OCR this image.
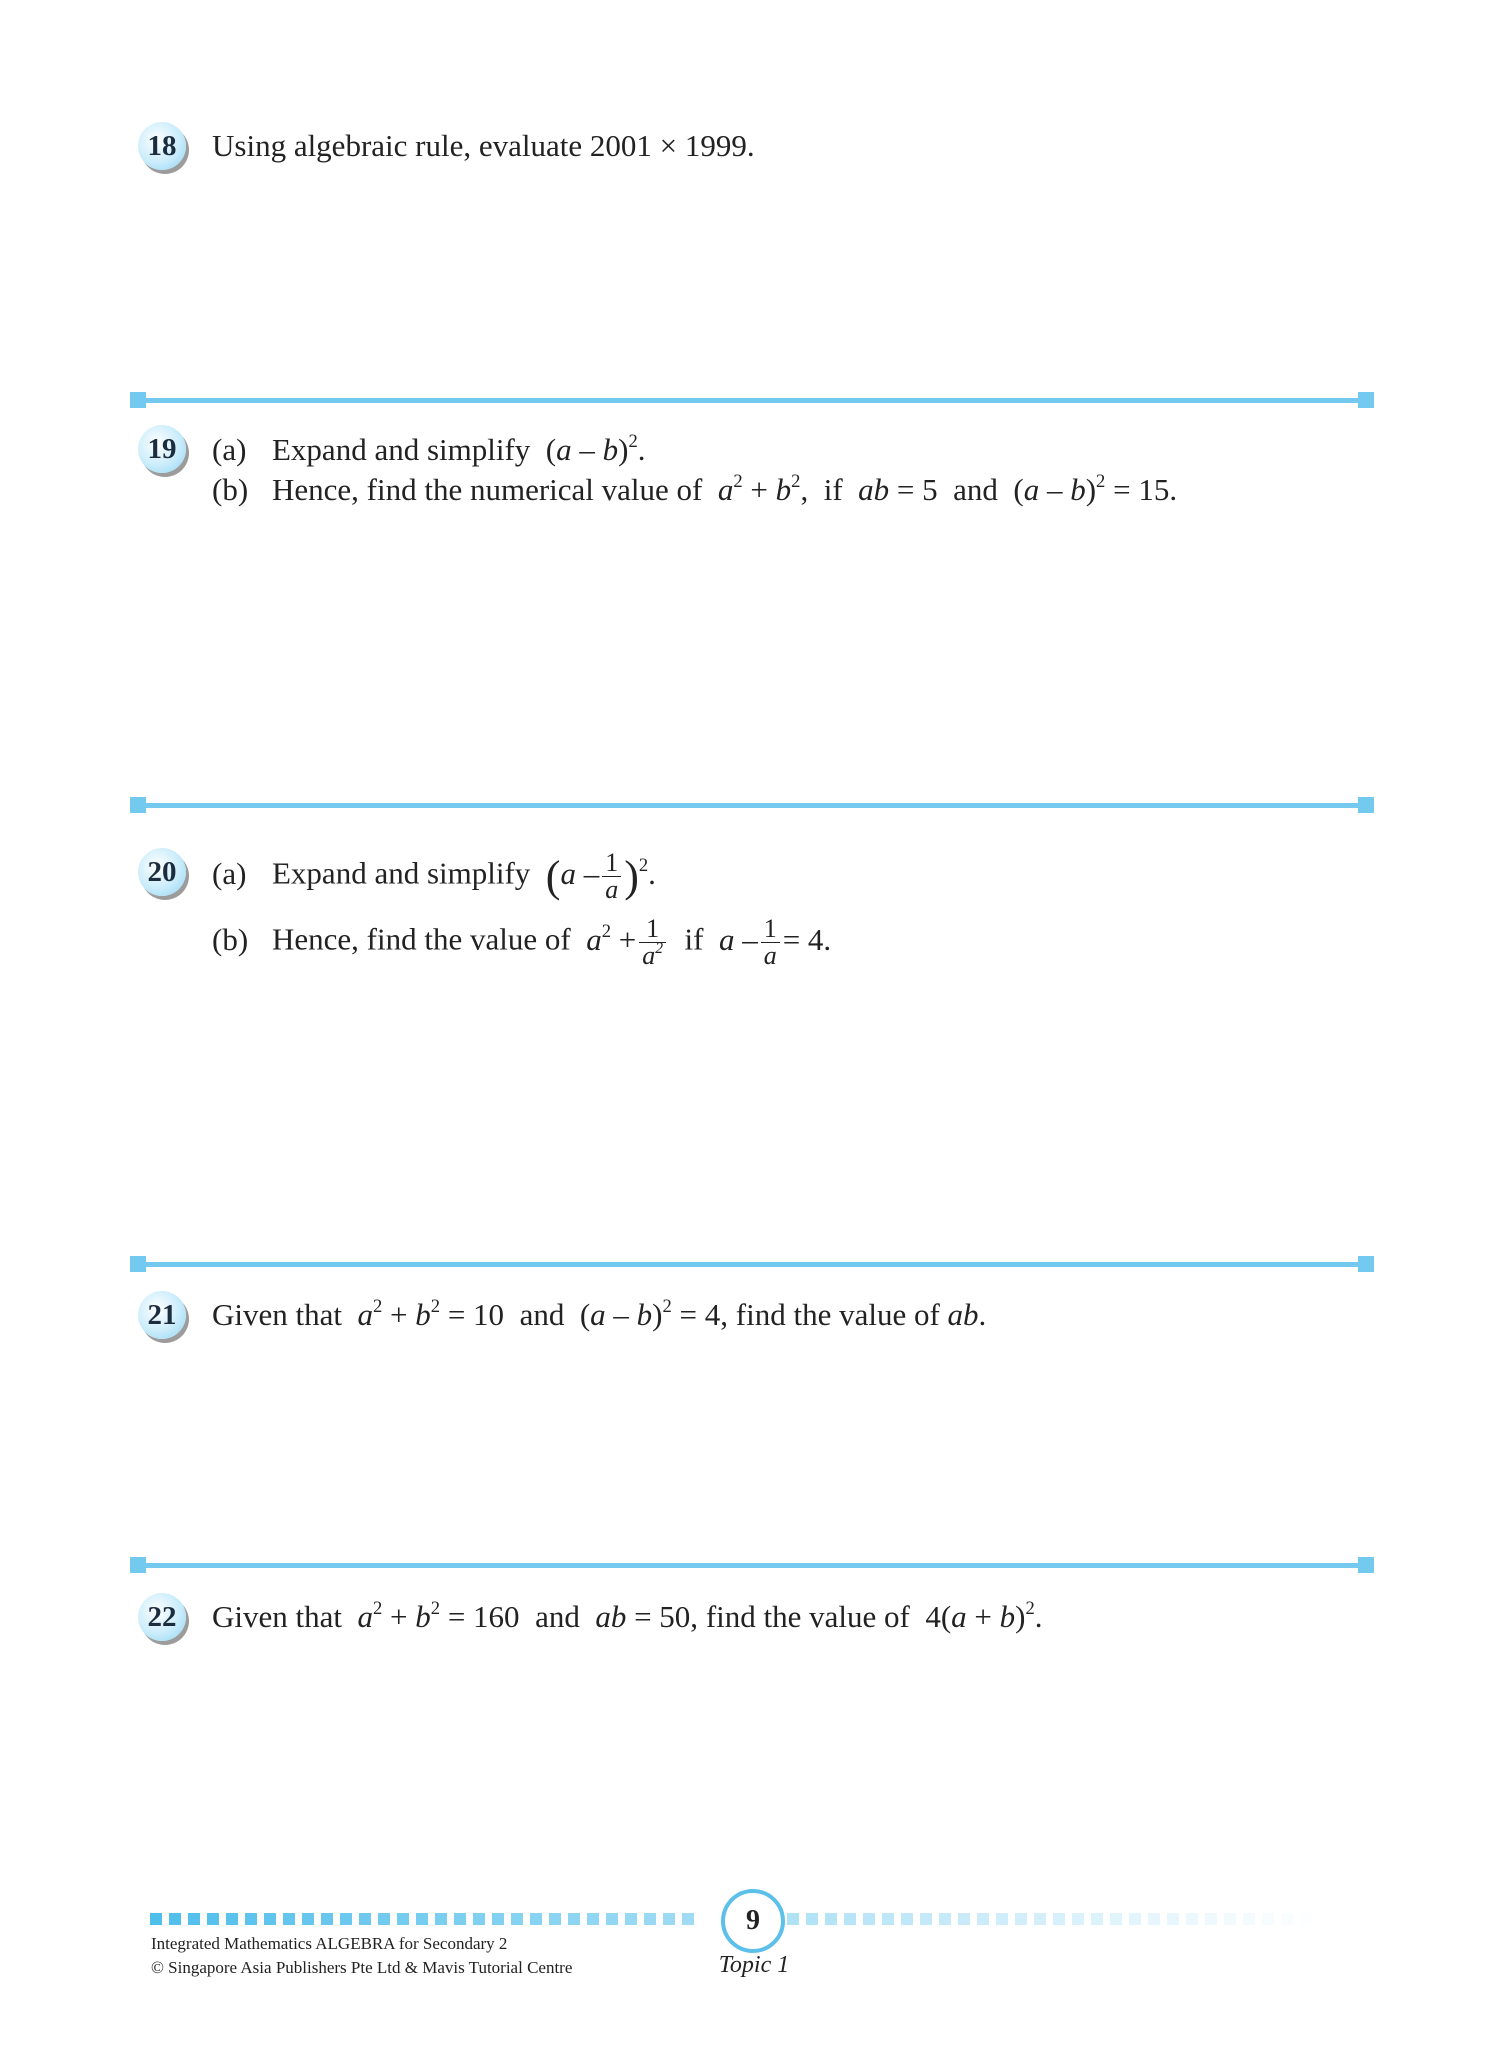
18	Using algebraic rule, evaluate 2001 × 1999.
19	(a) Expand and simplify  (a – b)$^2$.
(b) Hence, find the numerical value of $a^2 + b^2$,  if ab = 5  and  (a – b)$^2$ = 15.
20	(a) Expand and simplify $(a - \frac{1}{a} )^2$.
(b) Hence, find the value of $a^2 + \frac{1}{a^2}$ if $a - \frac{1}{a} = 4$.
21	Given that $a^2 + b^2 = 10$  and  (a – b)$^2$ = 4, find the value of ab.
22	Given that $a^2 + b^2 = 160$  and ab = 50, find the value of  $4(a + b)^2$.
9
Integrated Mathematics ALGEBRA for Secondary 2
© Singapore Asia Publishers Pte Ltd & Mavis Tutorial Centre	Topic 1
